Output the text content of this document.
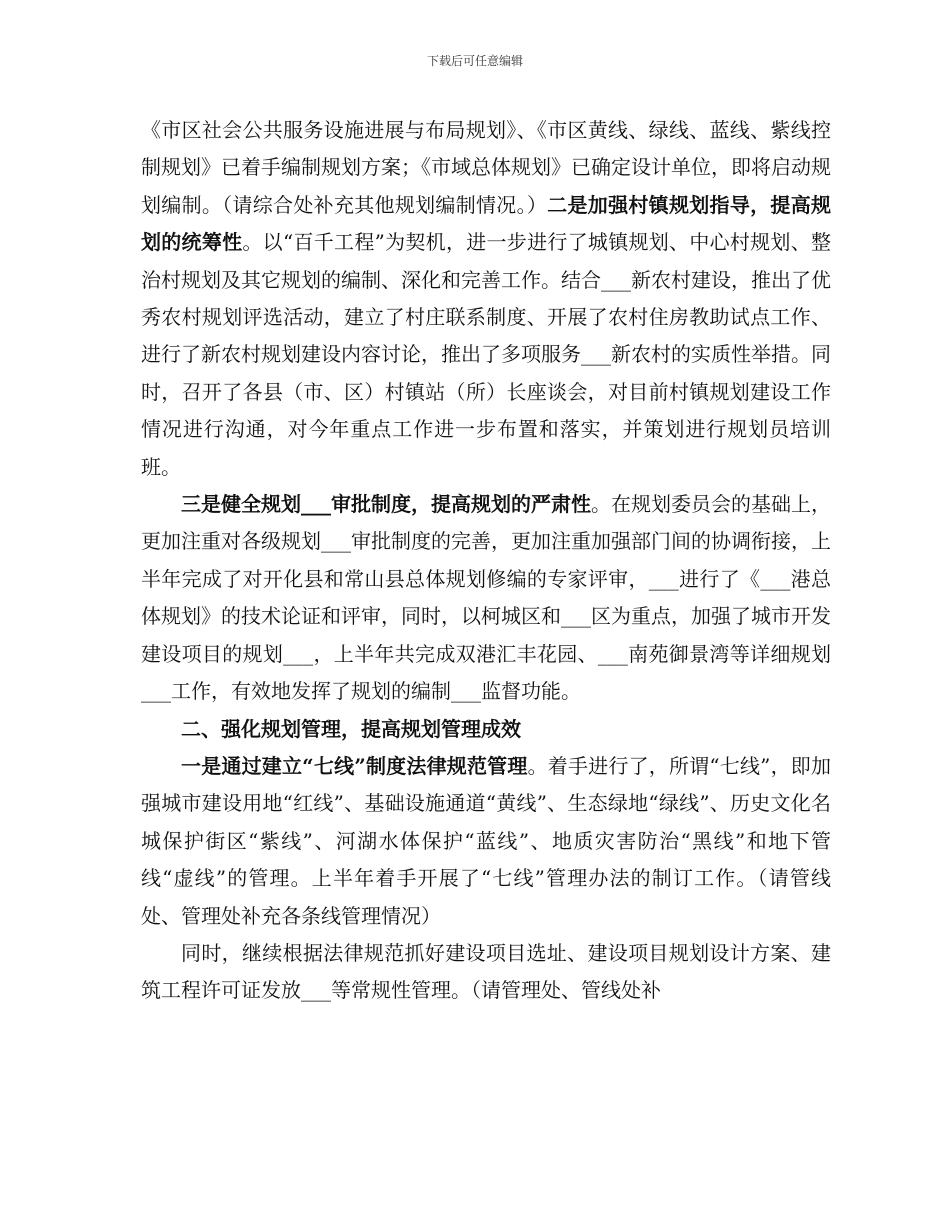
下载后可任意编辑

《市区社会公共服务设施进展与布局规划》、《市区黄线、绿线、蓝线、紫线控制规划》已着手编制规划方案；《市域总体规划》已确定设计单位，即将启动规划编制。（请综合处补充其他规划编制情况。）二是加强村镇规划指导，提高规划的统筹性。以“百千工程”为契机，进一步进行了城镇规划、中心村规划、整治村规划及其它规划的编制、深化和完善工作。结合___新农村建设，推出了优秀农村规划评选活动，建立了村庄联系制度、开展了农村住房教助试点工作、进行了新农村规划建设内容讨论，推出了多项服务___新农村的实质性举措。同时，召开了各县（市、区）村镇站（所）长座谈会，对目前村镇规划建设工作情况进行沟通，对今年重点工作进一步布置和落实，并策划进行规划员培训班。

三是健全规划___审批制度，提高规划的严肃性。在规划委员会的基础上，更加注重对各级规划___审批制度的完善，更加注重加强部门间的协调衔接，上半年完成了对开化县和常山县总体规划修编的专家评审，___进行了《___港总体规划》的技术论证和评审，同时，以柯城区和___区为重点，加强了城市开发建设项目的规划___，上半年共完成双港汇丰花园、___南苑御景湾等详细规划___工作，有效地发挥了规划的编制___监督功能。

二、强化规划管理，提高规划管理成效

一是通过建立“七线”制度法律规范管理。着手进行了，所谓“七线”，即加强城市建设用地“红线”、基础设施通道“黄线”、生态绿地“绿线”、历史文化名城保护街区“紫线”、河湖水体保护“蓝线”、地质灾害防治“黑线”和地下管线“虚线”的管理。上半年着手开展了“七线”管理办法的制订工作。（请管线处、管理处补充各条线管理情况）

同时，继续根据法律规范抓好建设项目选址、建设项目规划设计方案、建筑工程许可证发放___等常规性管理。（请管理处、管线处补
